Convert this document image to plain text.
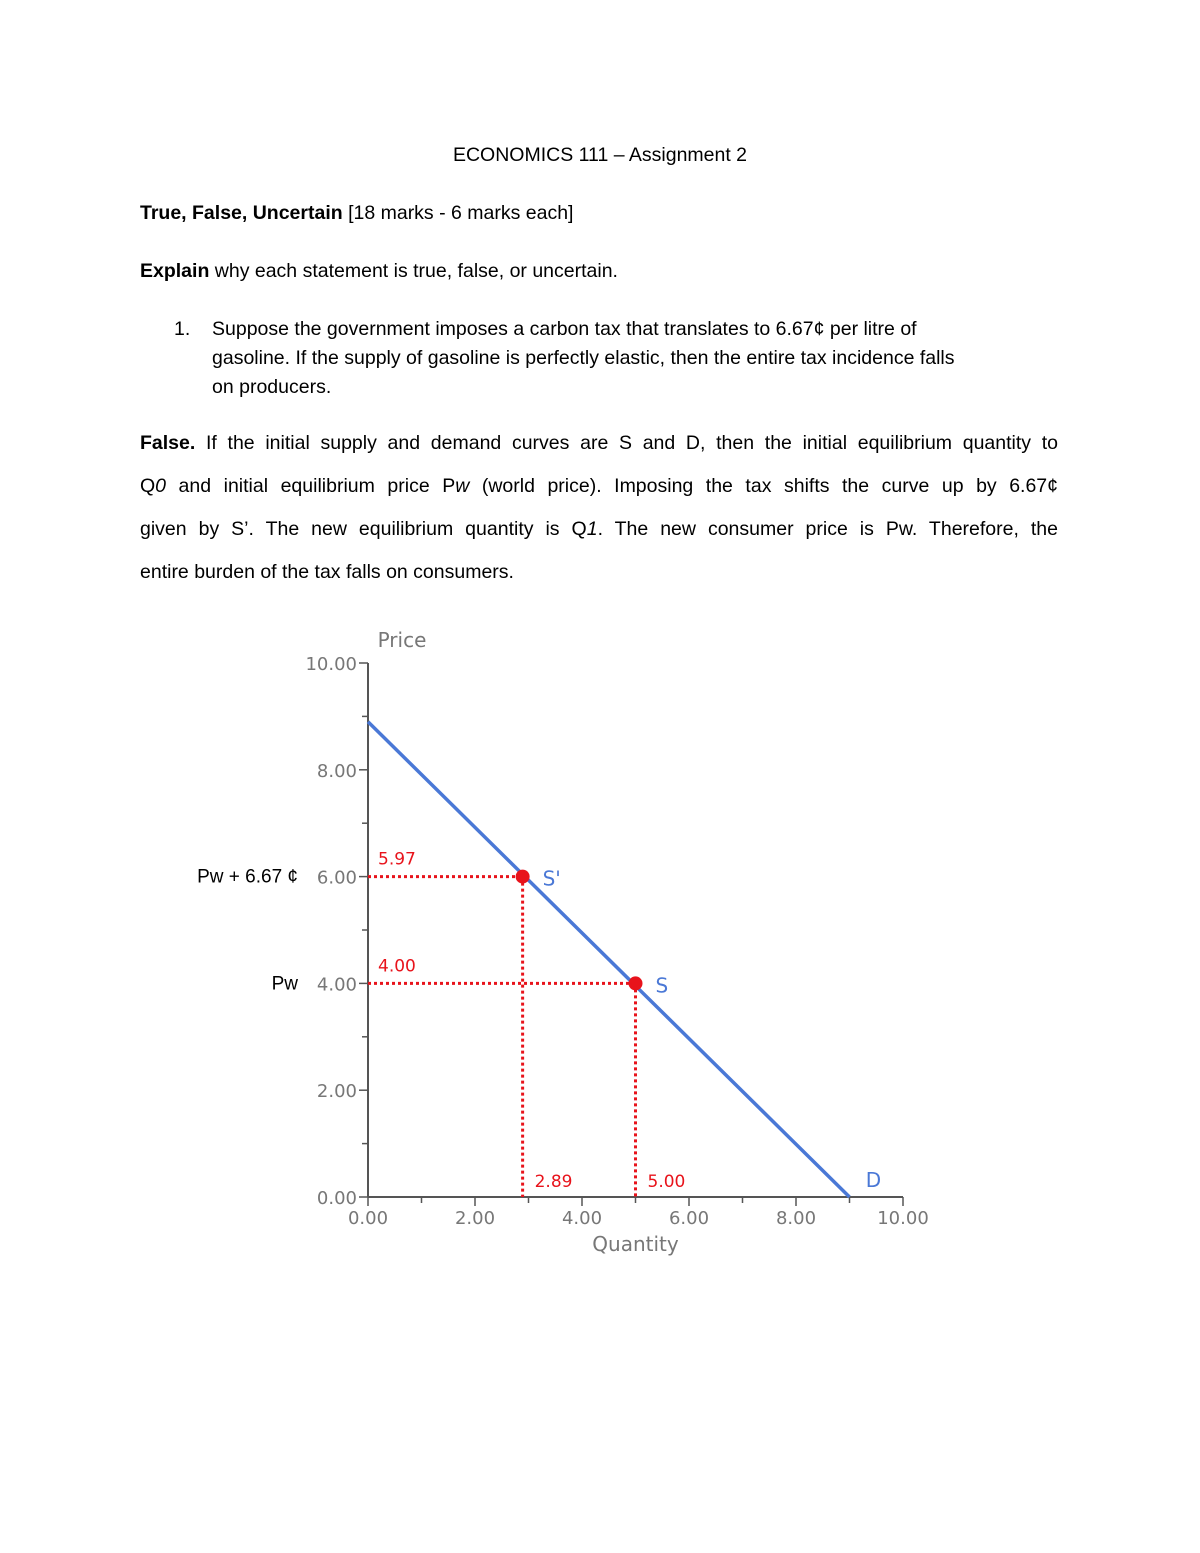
ECONOMICS 111 – Assignment 2
True, False, Uncertain [18 marks - 6 marks each]
Explain why each statement is true, false, or uncertain.
1. Suppose the government imposes a carbon tax that translates to 6.67¢ per litre of
gasoline. If the supply of gasoline is perfectly elastic, then the entire tax incidence falls
on producers.
False. If the initial supply and demand curves are S and D, then the initial equilibrium quantity to
Q0 and initial equilibrium price Pw (world price). Imposing the tax shifts the curve up by 6.67¢
given by S’. The new equilibrium quantity is Q1. The new consumer price is Pw. Therefore, the
entire burden of the tax falls on consumers.
0.00
2.00
4.00
6.00
8.00
10.00
0.00	2.00	4.00	6.00	8.00	10.00
Price
Quantity
D
5.97
2.89
S'
4.00
5.00
S
Pw + 6.67 ¢
Pw
